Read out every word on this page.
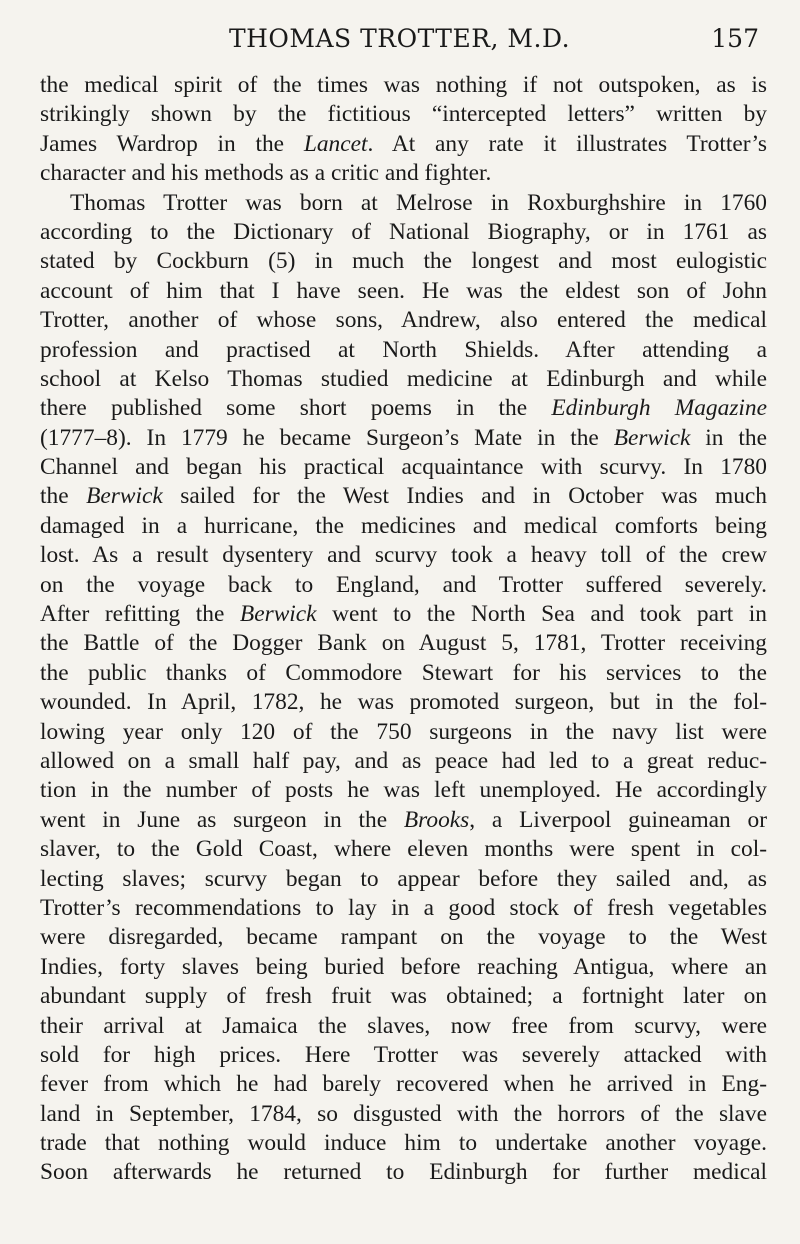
THOMAS TROTTER, M.D.	157
the medical spirit of the times was nothing if not outspoken, as is
strikingly shown by the fictitious “intercepted letters” written by
James Wardrop in the Lancet. At any rate it illustrates Trotter’s
character and his methods as a critic and fighter.
Thomas Trotter was born at Melrose in Roxburghshire in 1760
according to the Dictionary of National Biography, or in 1761 as
stated by Cockburn (5) in much the longest and most eulogistic
account of him that I have seen. He was the eldest son of John
Trotter, another of whose sons, Andrew, also entered the medical
profession and practised at North Shields. After attending a
school at Kelso Thomas studied medicine at Edinburgh and while
there published some short poems in the Edinburgh Magazine
(1777–8). In 1779 he became Surgeon’s Mate in the Berwick in the
Channel and began his practical acquaintance with scurvy. In 1780
the Berwick sailed for the West Indies and in October was much
damaged in a hurricane, the medicines and medical comforts being
lost. As a result dysentery and scurvy took a heavy toll of the crew
on the voyage back to England, and Trotter suffered severely.
After refitting the Berwick went to the North Sea and took part in
the Battle of the Dogger Bank on August 5, 1781, Trotter receiving
the public thanks of Commodore Stewart for his services to the
wounded. In April, 1782, he was promoted surgeon, but in the fol-
lowing year only 120 of the 750 surgeons in the navy list were
allowed on a small half pay, and as peace had led to a great reduc-
tion in the number of posts he was left unemployed. He accordingly
went in June as surgeon in the Brooks, a Liverpool guineaman or
slaver, to the Gold Coast, where eleven months were spent in col-
lecting slaves; scurvy began to appear before they sailed and, as
Trotter’s recommendations to lay in a good stock of fresh vegetables
were disregarded, became rampant on the voyage to the West
Indies, forty slaves being buried before reaching Antigua, where an
abundant supply of fresh fruit was obtained; a fortnight later on
their arrival at Jamaica the slaves, now free from scurvy, were
sold for high prices. Here Trotter was severely attacked with
fever from which he had barely recovered when he arrived in Eng-
land in September, 1784, so disgusted with the horrors of the slave
trade that nothing would induce him to undertake another voyage.
Soon afterwards he returned to Edinburgh for further medical
